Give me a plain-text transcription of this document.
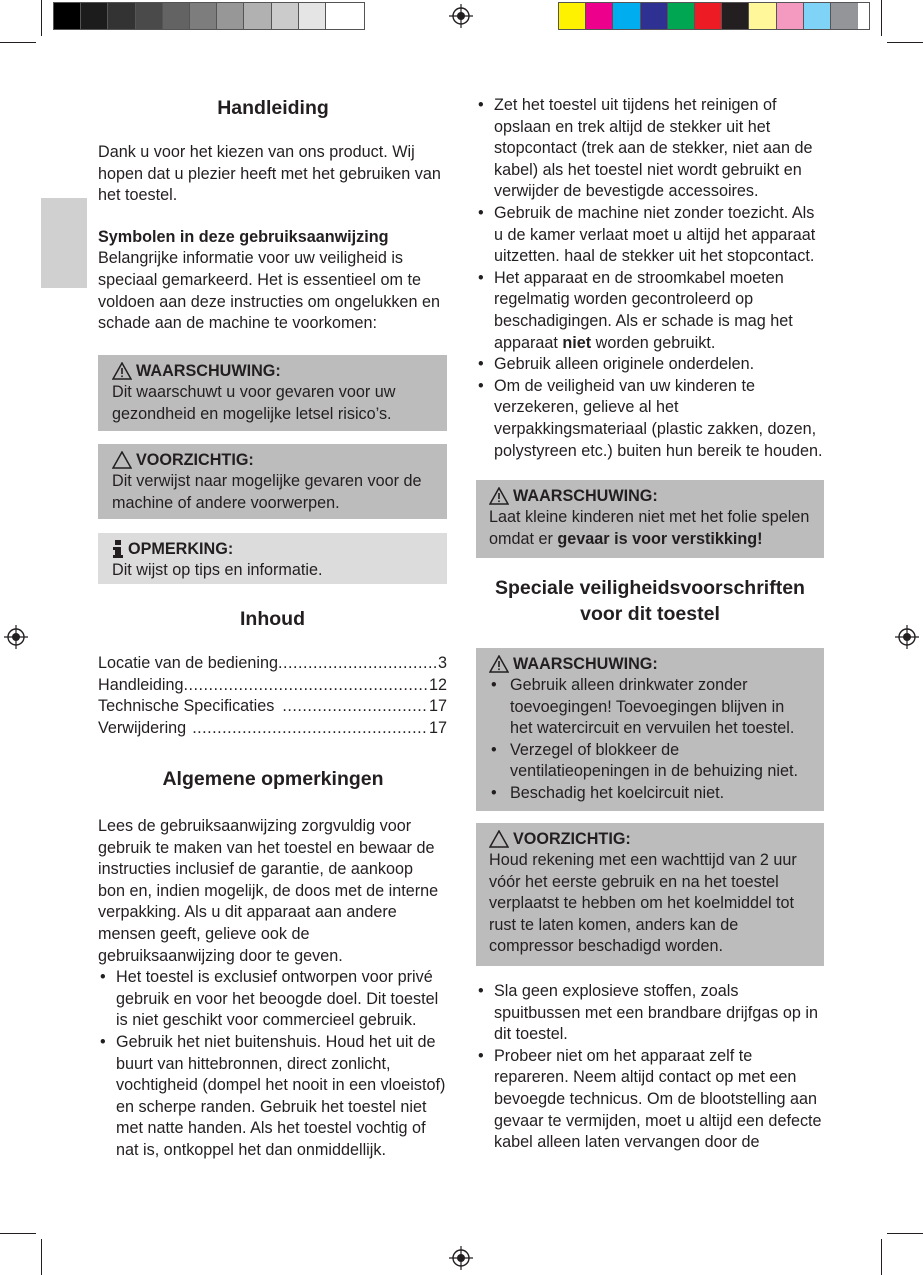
Handleiding

Dank u voor het kiezen van ons product. Wij hopen dat u plezier heeft met het gebruiken van het toestel.

Symbolen in deze gebruiksaanwijzing

Belangrijke informatie voor uw veiligheid is speciaal gemarkeerd. Het is essentieel om te voldoen aan deze instructies om ongelukken en schade aan de machine te voorkomen:

WAARSCHUWING:

Dit waarschuwt u voor gevaren voor uw gezondheid en mogelijke letsel risico’s.

VOORZICHTIG:

Dit verwijst naar mogelijke gevaren voor de machine of andere voorwerpen.

OPMERKING:

Dit wijst op tips en informatie.

Inhoud
Locatie van de bediening .....	3
Handleiding .....	12
Technische Specificaties .....	17
Verwijdering .....	17
Algemene opmerkingen

Lees de gebruiksaanwijzing zorgvuldig voor gebruik te maken van het toestel en bewaar de instructies inclusief de garantie, de aankoop bon en, indien mogelijk, de doos met de interne verpakking. Als u dit apparaat aan andere mensen geeft, gelieve ook de gebruiksaanwijzing door te geven.

• Het toestel is exclusief ontworpen voor privé gebruik en voor het beoogde doel. Dit toestel is niet geschikt voor commercieel gebruik.
• Gebruik het niet buitenshuis. Houd het uit de buurt van hittebronnen, direct zonlicht, vochtigheid (dompel het nooit in een vloeistof) en scherpe randen. Gebruik het toestel niet met natte handen. Als het toestel vochtig of nat is, ontkoppel het dan onmiddellijk.
• Zet het toestel uit tijdens het reinigen of opslaan en trek altijd de stekker uit het stopcontact (trek aan de stekker, niet aan de kabel) als het toestel niet wordt gebruikt en verwijder de bevestigde accessoires.
• Gebruik de machine niet zonder toezicht. Als u de kamer verlaat moet u altijd het apparaat uitzetten. haal de stekker uit het stopcontact.
• Het apparaat en de stroomkabel moeten regelmatig worden gecontroleerd op beschadigingen. Als er schade is mag het apparaat niet worden gebruikt.
• Gebruik alleen originele onderdelen.
• Om de veiligheid van uw kinderen te verzekeren, gelieve al het verpakkingsmateriaal (plastic zakken, dozen, polystyreen etc.) buiten hun bereik te houden.
WAARSCHUWING:

Laat kleine kinderen niet met het folie spelen omdat er gevaar is voor verstikking!

Speciale veiligheidsvoorschriften
voor dit toestel
WAARSCHUWING:
• Gebruik alleen drinkwater zonder toevoegingen! Toevoegingen blijven in het watercircuit en vervuilen het toestel.
• Verzegel of blokkeer de ventilatieopeningen in de behuizing niet.
• Beschadig het koelcircuit niet.
VOORZICHTIG:

Houd rekening met een wachttijd van 2 uur vóór het eerste gebruik en na het toestel verplaatst te hebben om het koelmiddel tot rust te laten komen, anders kan de compressor beschadigd worden.

• Sla geen explosieve stoffen, zoals spuitbussen met een brandbare drijfgas op in dit toestel.
• Probeer niet om het apparaat zelf te repareren. Neem altijd contact op met een bevoegde technicus. Om de blootstelling aan gevaar te vermijden, moet u altijd een defecte kabel alleen laten vervangen door de
